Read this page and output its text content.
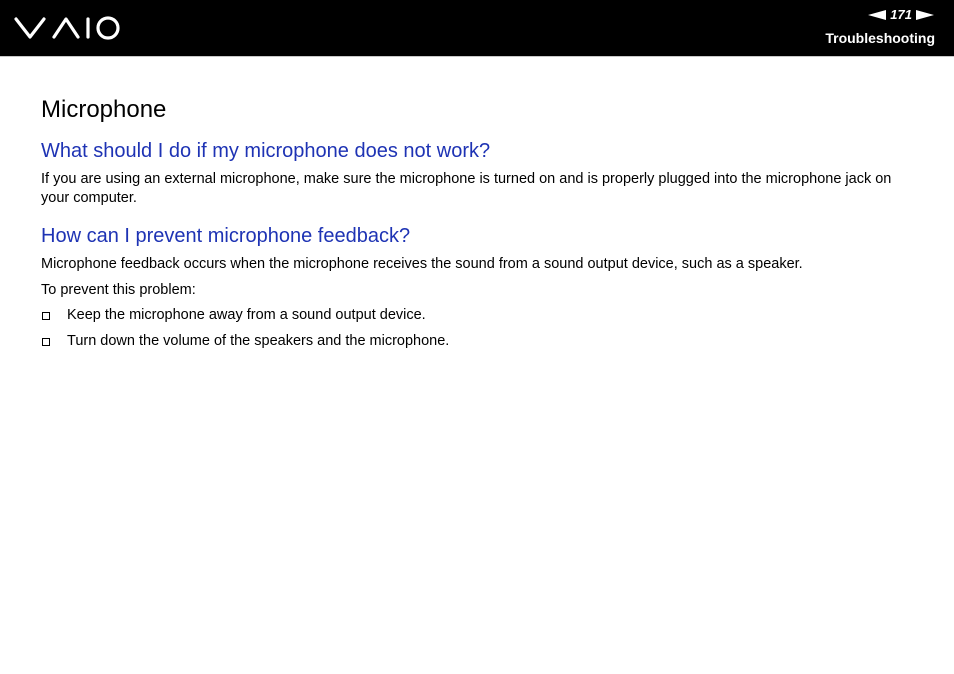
171
Troubleshooting
Microphone
What should I do if my microphone does not work?

If you are using an external microphone, make sure the microphone is turned on and is properly plugged into the microphone jack on your computer.

How can I prevent microphone feedback?

Microphone feedback occurs when the microphone receives the sound from a sound output device, such as a speaker.

To prevent this problem:

Keep the microphone away from a sound output device.
Turn down the volume of the speakers and the microphone.
